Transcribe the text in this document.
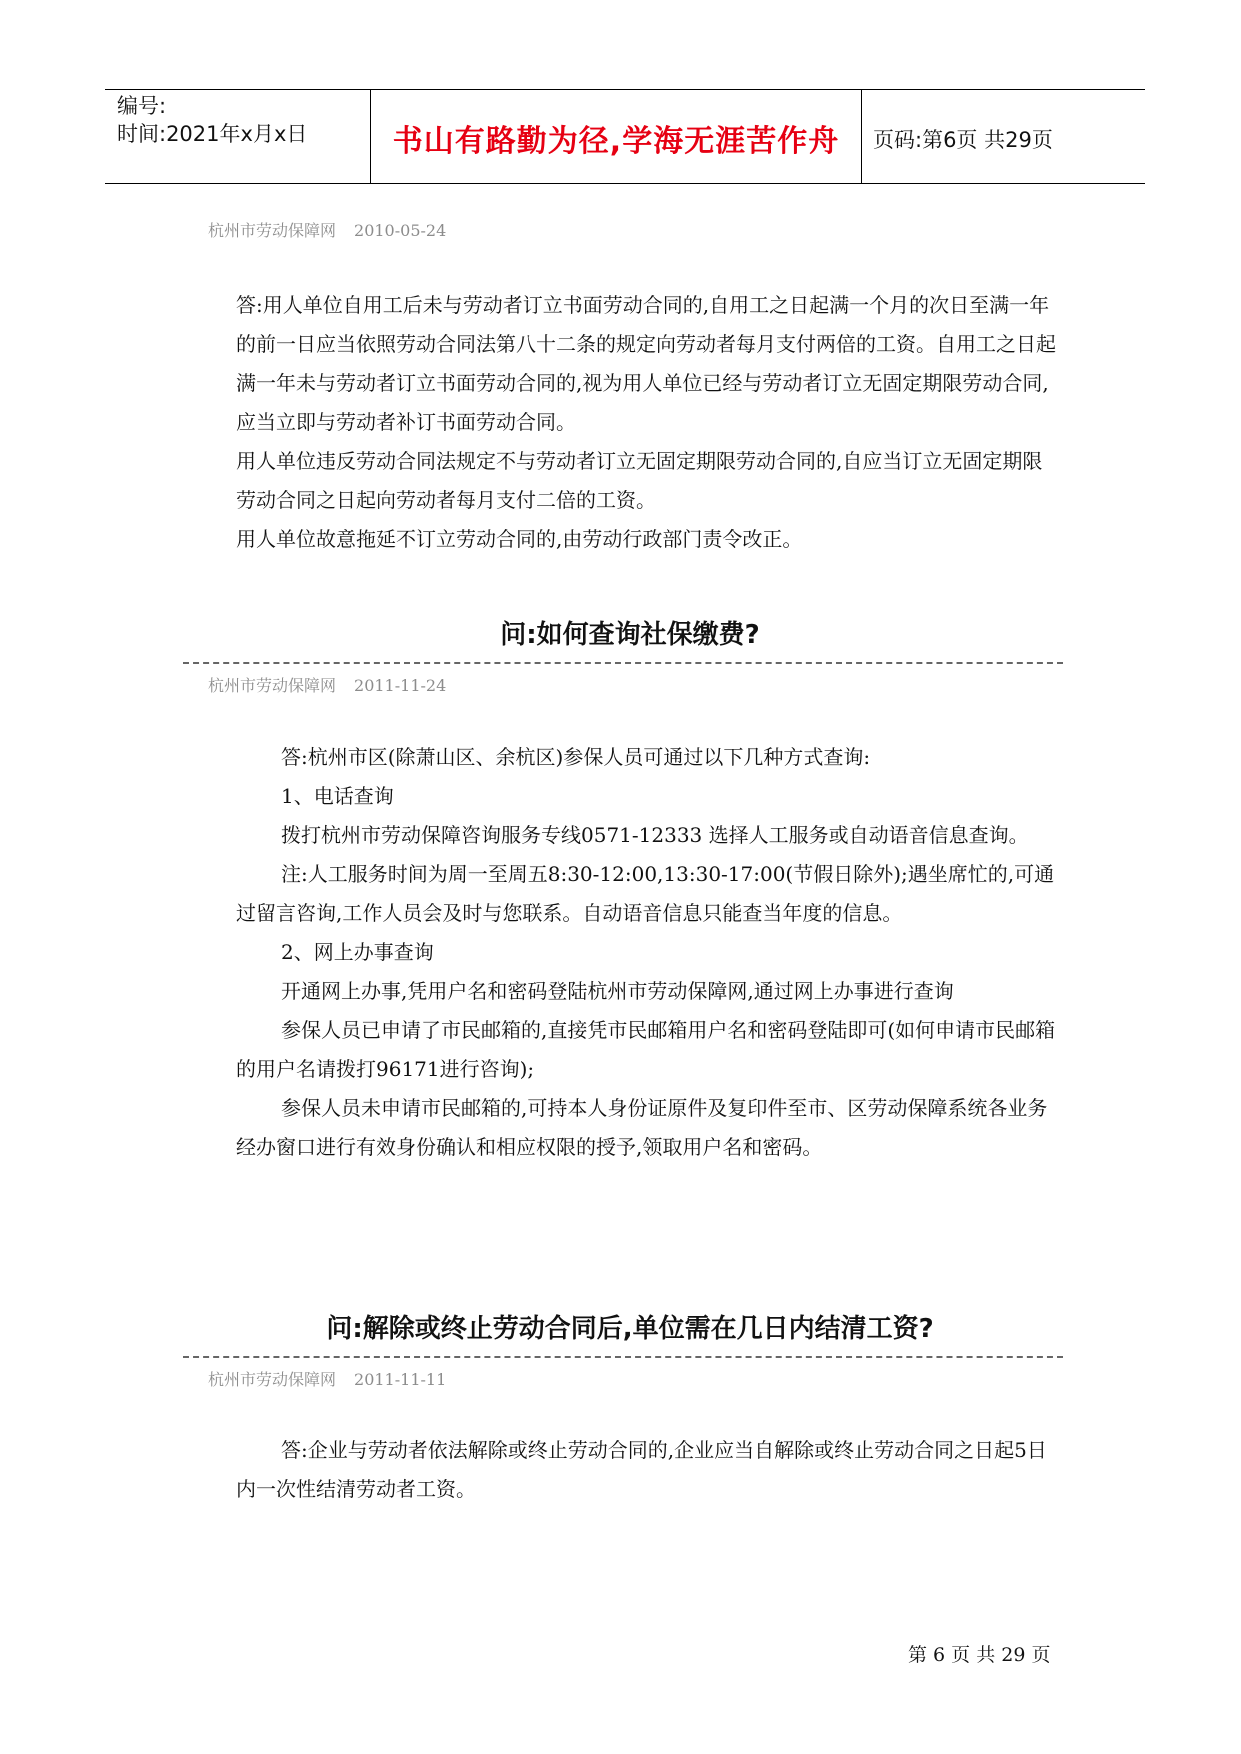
编号:
时间:2021年x月x日	书山有路勤为径,学海无涯苦作舟	页码:第6页 共29页
杭州市劳动保障网 2010-05-24

答:用人单位自用工后未与劳动者订立书面劳动合同的,自用工之日起满一个月的次日至满一年的前一日应当依照劳动合同法第八十二条的规定向劳动者每月支付两倍的工资。自用工之日起满一年未与劳动者订立书面劳动合同的,视为用人单位已经与劳动者订立无固定期限劳动合同,应当立即与劳动者补订书面劳动合同。

用人单位违反劳动合同法规定不与劳动者订立无固定期限劳动合同的,自应当订立无固定期限劳动合同之日起向劳动者每月支付二倍的工资。

用人单位故意拖延不订立劳动合同的,由劳动行政部门责令改正。

问:如何查询社保缴费?
杭州市劳动保障网 2011-11-24

答:杭州市区(除萧山区、余杭区)参保人员可通过以下几种方式查询:

1、电话查询

拨打杭州市劳动保障咨询服务专线0571-12333 选择人工服务或自动语音信息查询。

注:人工服务时间为周一至周五8:30-12:00,13:30-17:00(节假日除外);遇坐席忙的,可通过留言咨询,工作人员会及时与您联系。自动语音信息只能查当年度的信息。

2、网上办事查询

开通网上办事,凭用户名和密码登陆杭州市劳动保障网,通过网上办事进行查询

参保人员已申请了市民邮箱的,直接凭市民邮箱用户名和密码登陆即可(如何申请市民邮箱的用户名请拨打96171进行咨询);

参保人员未申请市民邮箱的,可持本人身份证原件及复印件至市、区劳动保障系统各业务经办窗口进行有效身份确认和相应权限的授予,领取用户名和密码。

问:解除或终止劳动合同后,单位需在几日内结清工资?
杭州市劳动保障网 2011-11-11

答:企业与劳动者依法解除或终止劳动合同的,企业应当自解除或终止劳动合同之日起5日内一次性结清劳动者工资。

第 6 页 共 29 页
